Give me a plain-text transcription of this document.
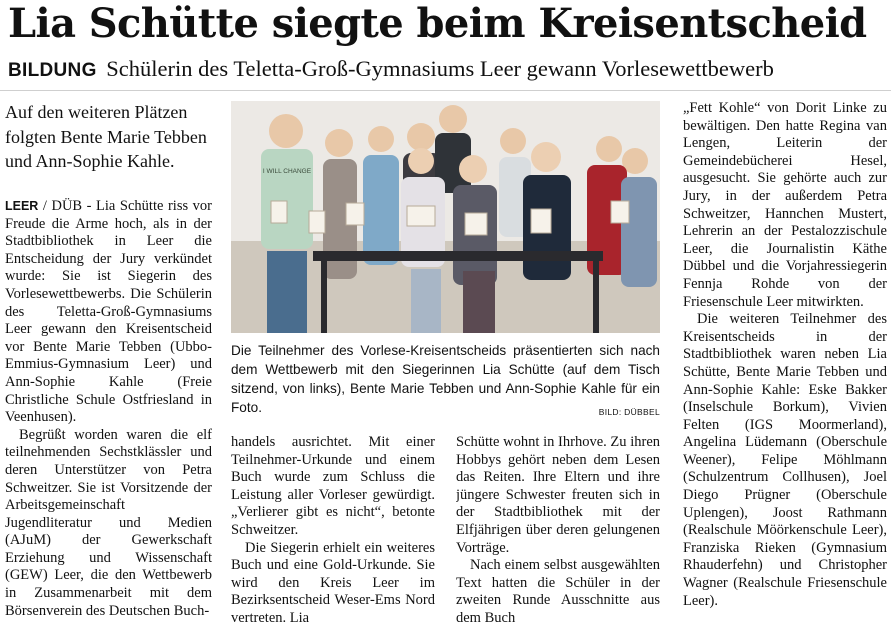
Lia Schütte siegte beim Kreisentscheid
BILDUNG Schülerin des Teletta-Groß-Gymnasiums Leer gewann Vorlesewettbewerb
Auf den weiteren Plätzen folgten Bente Marie Tebben und Ann-Sophie Kahle.

LEER / DÜB - Lia Schütte riss vor Freude die Arme hoch, als in der Stadtbibliothek in Leer die Entscheidung der Jury verkündet wurde: Sie ist Siegerin des Vorlesewettbewerbs. Die Schülerin des Teletta-Groß-Gymnasiums Leer gewann den Kreisentscheid vor Bente Marie Tebben (Ubbo-Emmius-Gymnasium Leer) und Ann-Sophie Kahle (Freie Christliche Schule Ostfriesland in Veenhusen).

Begrüßt worden waren die elf teilnehmenden Sechstklässler und deren Unterstützer von Petra Schweitzer. Sie ist Vorsitzende der Arbeitsgemeinschaft Jugendliteratur und Medien (AJuM) der Gewerkschaft Erziehung und Wissenschaft (GEW) Leer, die den Wettbewerb in Zusammenarbeit mit dem Börsenverein des Deutschen Buch-

I WILL CHANGE
Die Teilnehmer des Vorlese-Kreisentscheids präsentierten sich nach dem Wettbewerb mit den Siegerinnen Lia Schütte (auf dem Tisch sitzend, von links), Bente Marie Tebben und Ann-Sophie Kahle für ein Foto.	BILD: DÜBBEL

handels ausrichtet. Mit einer Teilnehmer-Urkunde und einem Buch wurde zum Schluss die Leistung aller Vorleser gewürdigt. „Verlierer gibt es nicht“, betonte Schweitzer.

Die Siegerin erhielt ein weiteres Buch und eine Gold-Urkunde. Sie wird den Kreis Leer im Bezirksentscheid Weser-Ems Nord vertreten. Lia

Schütte wohnt in Ihrhove. Zu ihren Hobbys gehört neben dem Lesen das Reiten. Ihre Eltern und ihre jüngere Schwester freuten sich in der Stadtbibliothek mit der Elfjährigen über deren gelungenen Vorträge.

Nach einem selbst ausgewählten Text hatten die Schüler in der zweiten Runde Ausschnitte aus dem Buch

„Fett Kohle“ von Dorit Linke zu bewältigen. Den hatte Regina van Lengen, Leiterin der Gemeindebücherei Hesel, ausgesucht. Sie gehörte auch zur Jury, in der außerdem Petra Schweitzer, Hannchen Mustert, Lehrerin an der Pestalozzischule Leer, die Journalistin Käthe Dübbel und die Vorjahressiegerin Fennja Rohde von der Friesenschule Leer mitwirkten.

Die weiteren Teilnehmer des Kreisentscheids in der Stadtbibliothek waren neben Lia Schütte, Bente Marie Tebben und Ann-Sophie Kahle: Eske Bakker (Inselschule Borkum), Vivien Felten (IGS Moormerland), Angelina Lüdemann (Oberschule Weener), Felipe Möhlmann (Schulzentrum Collhusen), Joel Diego Prügner (Oberschule Uplengen), Joost Rathmann (Realschule Möörkenschule Leer), Franziska Rieken (Gymnasium Rhauderfehn) und Christopher Wagner (Realschule Friesenschule Leer).
